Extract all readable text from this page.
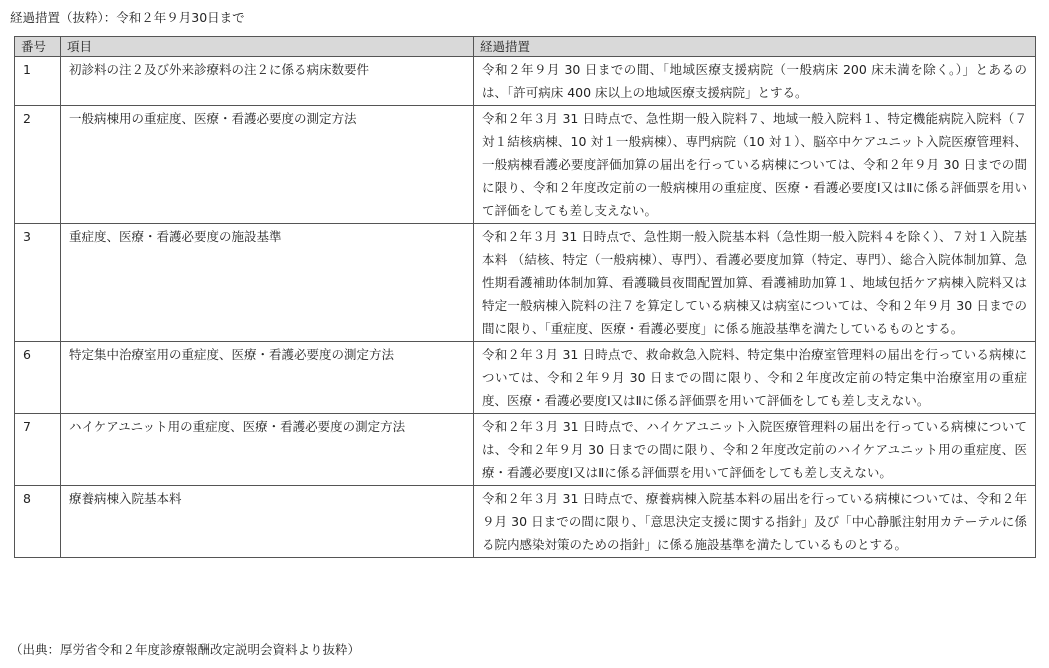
経過措置（抜粋）：令和２年９月30日まで
番号	項目	経過措置
1	初診料の注２及び外来診療料の注２に係る病床数要件	令和２年９月 30 日までの間、「地域医療支援病院（一般病床 200 床未満を除く。）」とあるのは、「許可病床 400 床以上の地域医療支援病院」とする。
2	一般病棟用の重症度、医療・看護必要度の測定方法	令和２年３月 31 日時点で、急性期一般入院料７、地域一般入院料１、特定機能病院入院料（７対１結核病棟、10 対１一般病棟）、専門病院（10 対１）、脳卒中ケアユニット入院医療管理料、一般病棟看護必要度評価加算の届出を行っている病棟については、令和２年９月 30 日までの間に限り、令和２年度改定前の一般病棟用の重症度、医療・看護必要度Ⅰ又はⅡに係る評価票を用いて評価をしても差し支えない。
3	重症度、医療・看護必要度の施設基準	令和２年３月 31 日時点で、急性期一般入院基本料（急性期一般入院料４を除く）、７対１入院基本料 （結核、特定（一般病棟）、専門）、看護必要度加算（特定、専門）、総合入院体制加算、急性期看護補助体制加算、看護職員夜間配置加算、看護補助加算１、地域包括ケア病棟入院料又は特定一般病棟入院料の注７を算定している病棟又は病室については、令和２年９月 30 日までの間に限り、「重症度、医療・看護必要度」に係る施設基準を満たしているものとする。
6	特定集中治療室用の重症度、医療・看護必要度の測定方法	令和２年３月 31 日時点で、救命救急入院料、特定集中治療室管理料の届出を行っている病棟については、令和２年９月 30 日までの間に限り、令和２年度改定前の特定集中治療室用の重症度、医療・看護必要度Ⅰ又はⅡに係る評価票を用いて評価をしても差し支えない。
7	ハイケアユニット用の重症度、医療・看護必要度の測定方法	令和２年３月 31 日時点で、ハイケアユニット入院医療管理料の届出を行っている病棟については、令和２年９月 30 日までの間に限り、令和２年度改定前のハイケアユニット用の重症度、医療・看護必要度Ⅰ又はⅡに係る評価票を用いて評価をしても差し支えない。
8	療養病棟入院基本料	令和２年３月 31 日時点で、療養病棟入院基本料の届出を行っている病棟については、令和２年９月 30 日までの間に限り、「意思決定支援に関する指針」及び「中心静脈注射用カテーテルに係る院内感染対策のための指針」に係る施設基準を満たしているものとする。
（出典：厚労省令和２年度診療報酬改定説明会資料より抜粋）
